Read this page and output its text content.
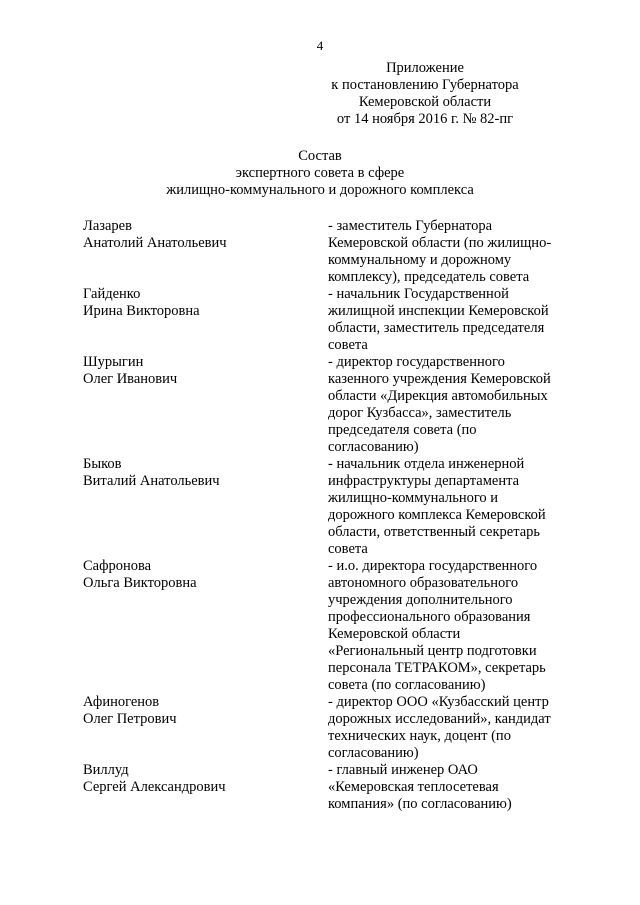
4
Приложение
к постановлению Губернатора
Кемеровской области
от 14 ноября 2016 г. № 82-пг
Состав
экспертного совета в сфере
жилищно-коммунального и дорожного комплекса
Лазарев
Анатолий Анатольевич
- заместитель Губернатора
Кемеровской области (по жилищно-
коммунальному и дорожному
комплексу), председатель совета
Гайденко
Ирина Викторовна
- начальник Государственной
жилищной инспекции Кемеровской
области, заместитель председателя
совета
Шурыгин
Олег Иванович
- директор государственного
казенного учреждения Кемеровской
области «Дирекция автомобильных
дорог Кузбасса», заместитель
председателя совета (по
согласованию)
Быков
Виталий Анатольевич
- начальник отдела инженерной
инфраструктуры департамента
жилищно-коммунального и
дорожного комплекса Кемеровской
области, ответственный секретарь
совета
Сафронова
Ольга Викторовна
- и.о. директора государственного
автономного образовательного
учреждения дополнительного
профессионального образования
Кемеровской области
«Региональный центр подготовки
персонала ТЕТРАКОМ», секретарь
совета (по согласованию)
Афиногенов
Олег Петрович
- директор ООО «Кузбасский центр
дорожных исследований», кандидат
технических наук, доцент (по
согласованию)
Виллуд
Сергей Александрович
- главный инженер ОАО
«Кемеровская теплосетевая
компания» (по согласованию)
